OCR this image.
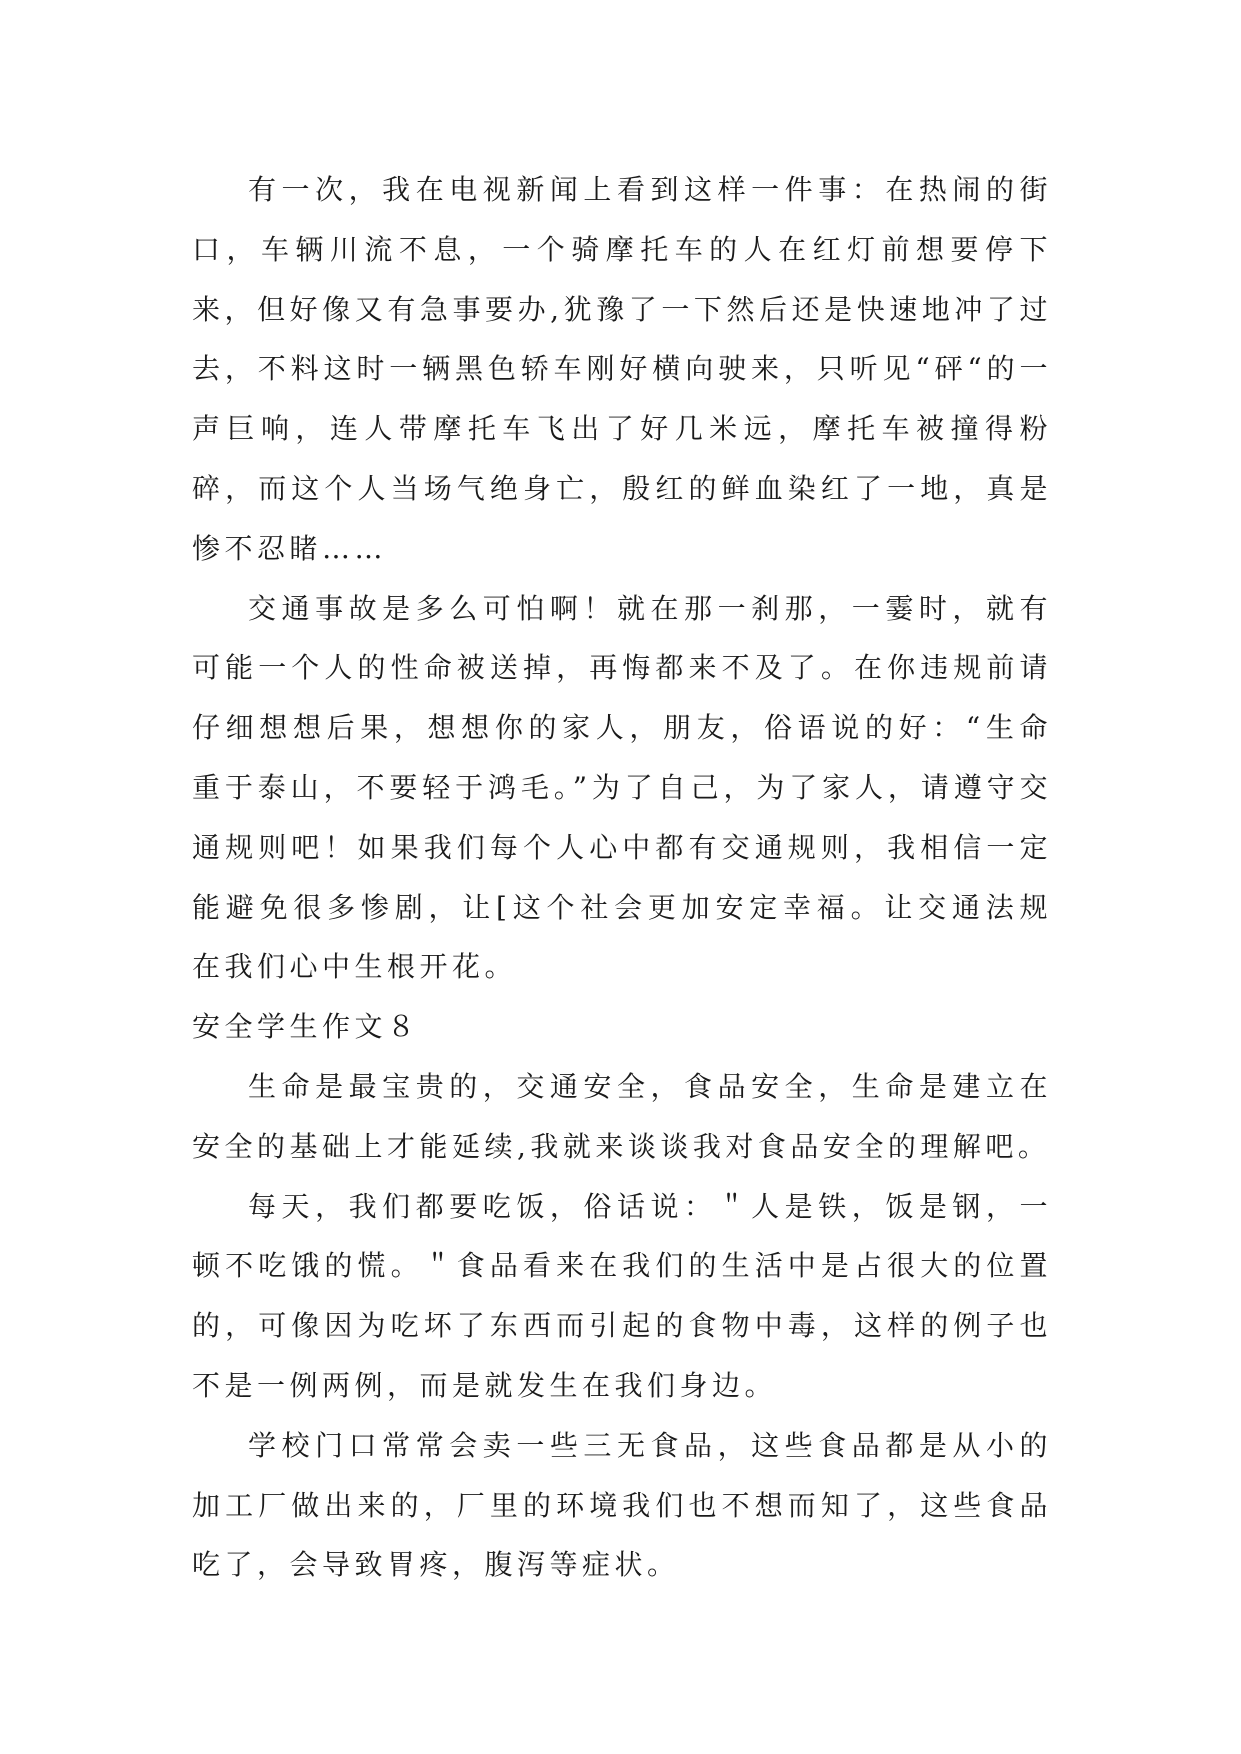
有一次，我在电视新闻上看到这样一件事：在热闹的街口，车辆川流不息，一个骑摩托车的人在红灯前想要停下来，但好像又有急事要办,犹豫了一下然后还是快速地冲了过去，不料这时一辆黑色轿车刚好横向驶来，只听见“砰“的一声巨响，连人带摩托车飞出了好几米远，摩托车被撞得粉碎，而这个人当场气绝身亡，殷红的鲜血染红了一地，真是惨不忍睹……

交通事故是多么可怕啊！就在那一刹那，一霎时，就有可能一个人的性命被送掉，再悔都来不及了。在你违规前请仔细想想后果，想想你的家人，朋友，俗语说的好：“生命重于泰山，不要轻于鸿毛。”为了自己，为了家人，请遵守交通规则吧！如果我们每个人心中都有交通规则，我相信一定能避免很多惨剧，让[这个社会更加安定幸福。让交通法规在我们心中生根开花。

安全学生作文８

生命是最宝贵的，交通安全，食品安全，生命是建立在安全的基础上才能延续,我就来谈谈我对食品安全的理解吧。

每天，我们都要吃饭，俗话说：＂人是铁，饭是钢，一顿不吃饿的慌。＂食品看来在我们的生活中是占很大的位置的，可像因为吃坏了东西而引起的食物中毒，这样的例子也不是一例两例，而是就发生在我们身边。

学校门口常常会卖一些三无食品，这些食品都是从小的加工厂做出来的，厂里的环境我们也不想而知了，这些食品吃了，会导致胃疼，腹泻等症状。
